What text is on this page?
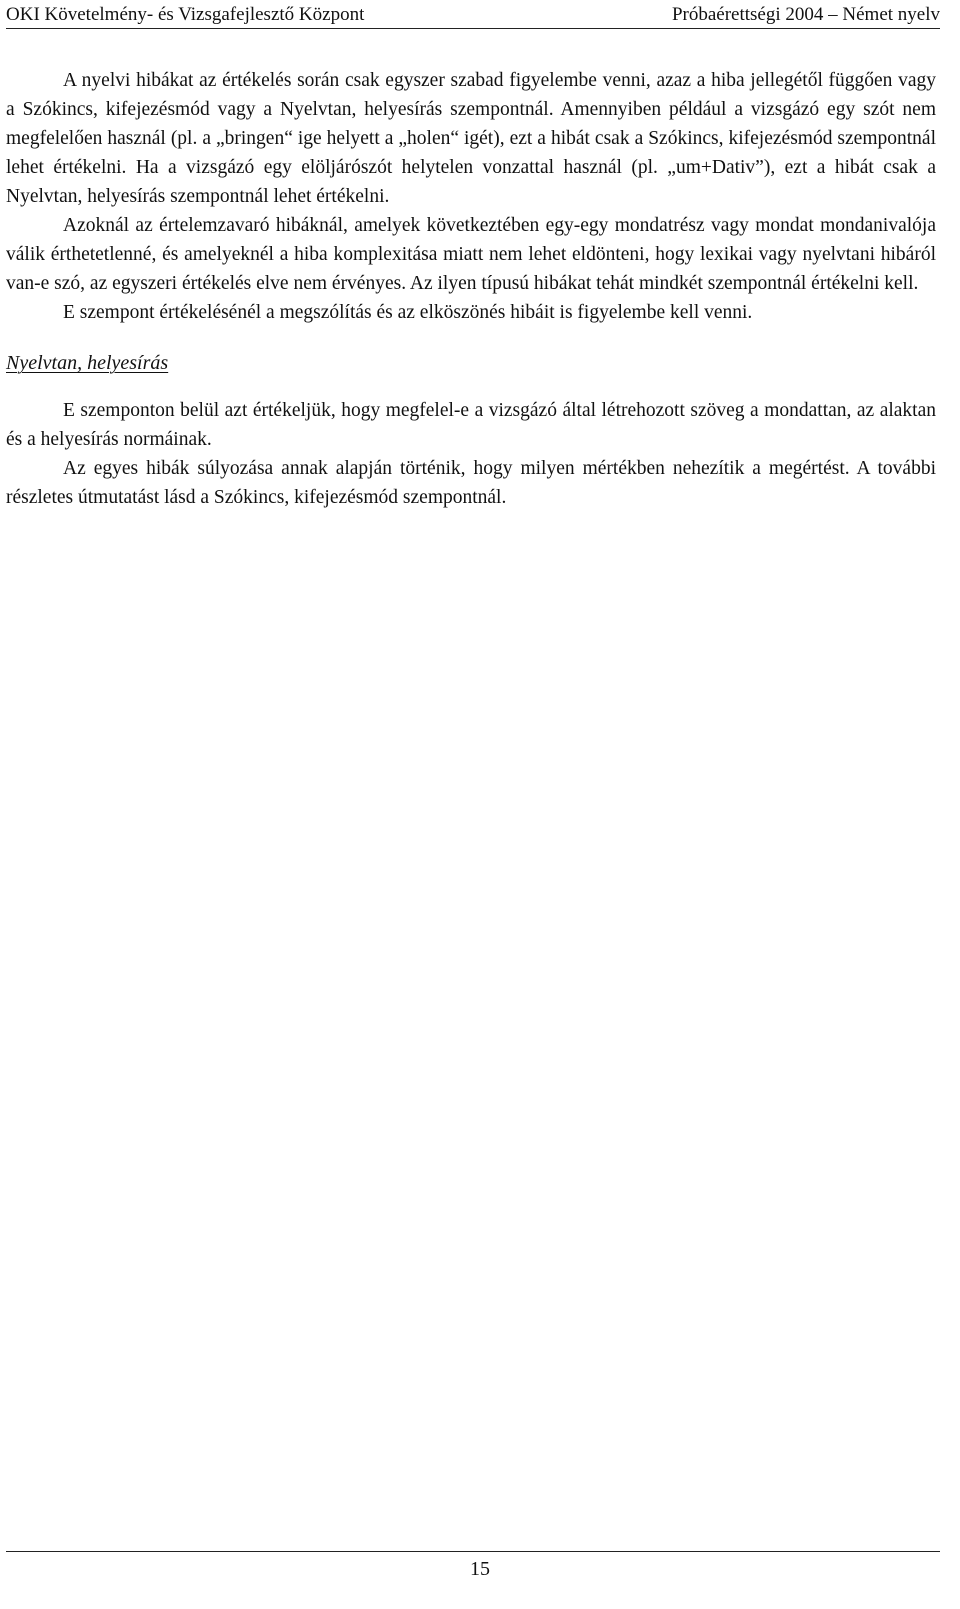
OKI Követelmény- és Vizsgafejlesztő Központ	Próbaérettségi 2004 – Német nyelv

A nyelvi hibákat az értékelés során csak egyszer szabad figyelembe venni, azaz a hiba jellegétől függően vagy a Szókincs, kifejezésmód vagy a Nyelvtan, helyesírás szempontnál. Amennyiben például a vizsgázó egy szót nem megfelelően használ (pl. a „bringen“ ige helyett a „holen“ igét), ezt a hibát csak a Szókincs, kifejezésmód szempontnál lehet értékelni. Ha a vizsgázó egy elöljárószót helytelen vonzattal használ (pl. „um+Dativ”), ezt a hibát csak a Nyelvtan, helyesírás szempontnál lehet értékelni.

Azoknál az értelemzavaró hibáknál, amelyek következtében egy-egy mondatrész vagy mondat mondanivalója válik érthetetlenné, és amelyeknél a hiba komplexitása miatt nem lehet eldönteni, hogy lexikai vagy nyelvtani hibáról van-e szó, az egyszeri értékelés elve nem érvényes. Az ilyen típusú hibákat tehát mindkét szempontnál értékelni kell.

E szempont értékelésénél a megszólítás és az elköszönés hibáit is figyelembe kell venni.

Nyelvtan, helyesírás

E szemponton belül azt értékeljük, hogy megfelel-e a vizsgázó által létrehozott szöveg a mondattan, az alaktan és a helyesírás normáinak.

Az egyes hibák súlyozása annak alapján történik, hogy milyen mértékben nehezítik a megértést. A további részletes útmutatást lásd a Szókincs, kifejezésmód szempontnál.

15
